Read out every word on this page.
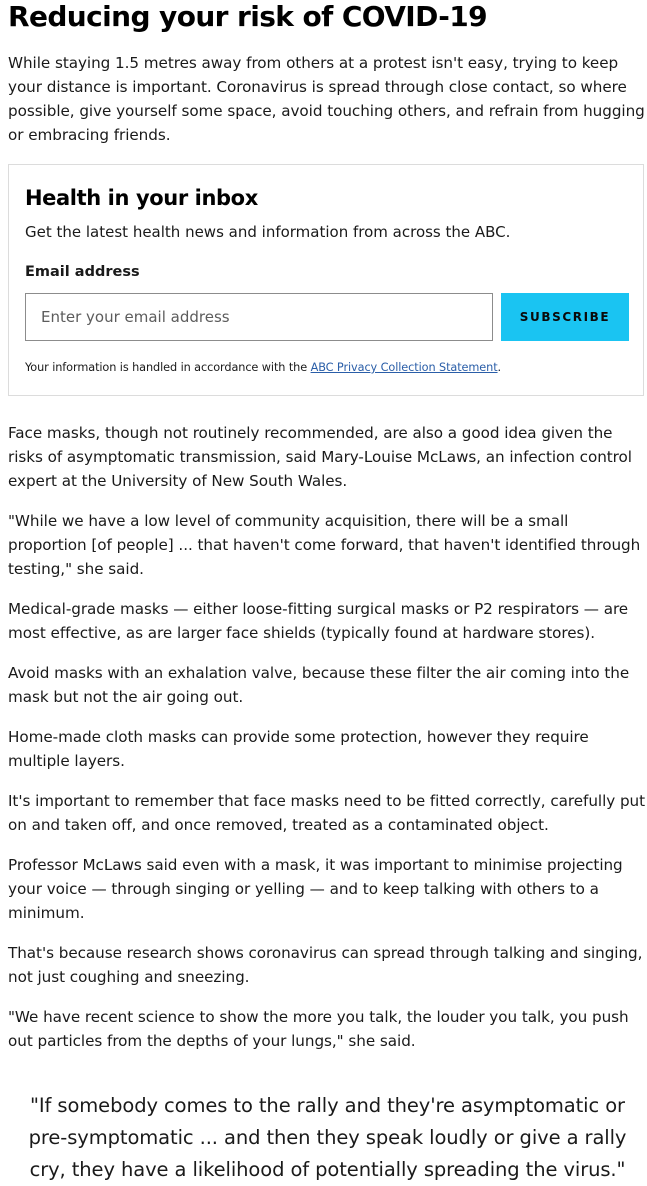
Reducing your risk of COVID-19

While staying 1.5 metres away from others at a protest isn't easy, trying to keep your distance is important. Coronavirus is spread through close contact, so where possible, give yourself some space, avoid touching others, and refrain from hugging or embracing friends.

Health in your inbox

Get the latest health news and information from across the ABC.

Email address
Enter your email address
SUBSCRIBE
Your information is handled in accordance with the ABC Privacy Collection Statement.

Face masks, though not routinely recommended, are also a good idea given the risks of asymptomatic transmission, said Mary-Louise McLaws, an infection control expert at the University of New South Wales.

"While we have a low level of community acquisition, there will be a small proportion [of people] ... that haven't come forward, that haven't identified through testing," she said.

Medical-grade masks — either loose-fitting surgical masks or P2 respirators — are most effective, as are larger face shields (typically found at hardware stores).

Avoid masks with an exhalation valve, because these filter the air coming into the mask but not the air going out.

Home-made cloth masks can provide some protection, however they require multiple layers.

It's important to remember that face masks need to be fitted correctly, carefully put on and taken off, and once removed, treated as a contaminated object.

Professor McLaws said even with a mask, it was important to minimise projecting your voice — through singing or yelling — and to keep talking with others to a minimum.

That's because research shows coronavirus can spread through talking and singing, not just coughing and sneezing.

"We have recent science to show the more you talk, the louder you talk, you push out particles from the depths of your lungs," she said.

"If somebody comes to the rally and they're asymptomatic or pre-symptomatic ... and then they speak loudly or give a rally cry, they have a likelihood of potentially spreading the virus."
